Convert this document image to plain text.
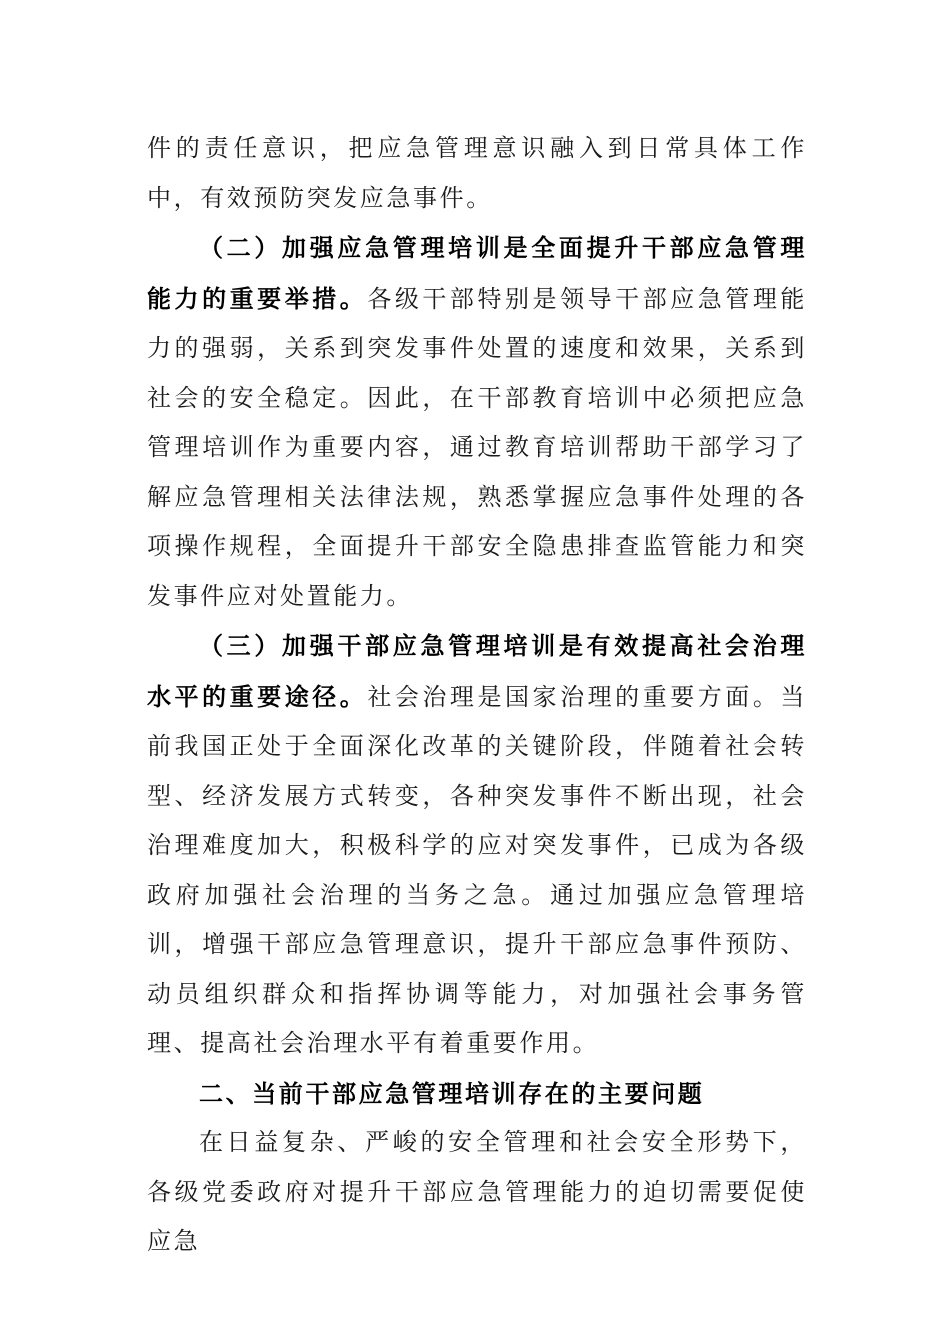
件的责任意识，把应急管理意识融入到日常具体工作中，有效预防突发应急事件。

（二）加强应急管理培训是全面提升干部应急管理能力的重要举措。各级干部特别是领导干部应急管理能力的强弱，关系到突发事件处置的速度和效果，关系到社会的安全稳定。因此，在干部教育培训中必须把应急管理培训作为重要内容，通过教育培训帮助干部学习了解应急管理相关法律法规，熟悉掌握应急事件处理的各项操作规程，全面提升干部安全隐患排查监管能力和突发事件应对处置能力。

（三）加强干部应急管理培训是有效提高社会治理水平的重要途径。社会治理是国家治理的重要方面。当前我国正处于全面深化改革的关键阶段，伴随着社会转型、经济发展方式转变，各种突发事件不断出现，社会治理难度加大，积极科学的应对突发事件，已成为各级政府加强社会治理的当务之急。通过加强应急管理培训，增强干部应急管理意识，提升干部应急事件预防、动员组织群众和指挥协调等能力，对加强社会事务管理、提高社会治理水平有着重要作用。

二、当前干部应急管理培训存在的主要问题

在日益复杂、严峻的安全管理和社会安全形势下，各级党委政府对提升干部应急管理能力的迫切需要促使应急
